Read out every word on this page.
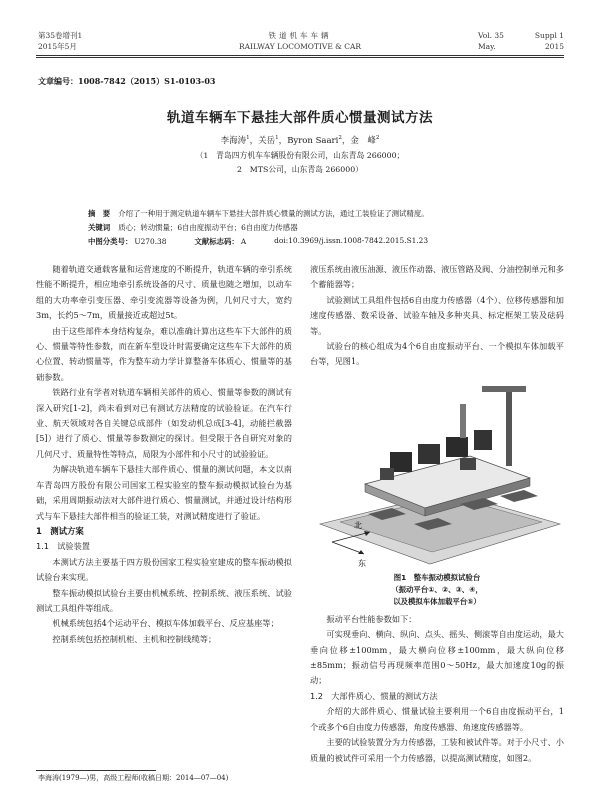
第35卷增刊1
2015年5月
铁道机车车辆
RAILWAY LOCOMOTIVE & CAR
Vol. 35	Suppl 1
May.	2015
文章编号：1008-7842（2015）S1-0103-03
轨道车辆车下悬挂大部件质心惯量测试方法
李海涛$^1$，关岳$^1$，Byron Saari$^2$，金　峰$^2$
（1　青岛四方机车车辆股份有限公司，山东青岛 266000；
2　MTS公司，山东青岛 266000）
摘　要 介绍了一种用于测定轨道车辆车下悬挂大部件质心惯量的测试方法，通过工装验证了测试精度。
关键词 质心；转动惯量；6自由度振动平台；6自由度力传感器
中图分类号： U270.38	文献标志码： A	doi:10.3969/j.issn.1008-7842.2015.S1.23

随着轨道交通载客量和运营速度的不断提升，轨道车辆的牵引系统性能不断提升，相应地牵引系统设备的尺寸、质量也随之增加，以动车组的大功率牵引变压器、牵引变流器等设备为例，几何尺寸大，宽约3m，长约5～7m，质量接近或超过5t。

由于这些部件本身结构复杂，难以准确计算出这些车下大部件的质心、惯量等特性参数，而在新车型设计时需要确定这些车下大部件的质心位置、转动惯量等，作为整车动力学计算整备车体质心、惯量等的基础参数。

铁路行业有学者对轨道车辆相关部件的质心、惯量等参数的测试有深入研究[1-2]，尚未看到对已有测试方法精度的试验验证。在汽车行业、航天领域对各自关键总成部件（如发动机总成[3-4]，动能拦截器[5]）进行了质心、惯量等参数测定的探讨。但受限于各自研究对象的几何尺寸、质量特性等特点，局限为小部件和小尺寸的试验验证。

为解决轨道车辆车下悬挂大部件质心、惯量的测试问题，本文以南车青岛四方股份有限公司国家工程实验室的整车振动模拟试验台为基础，采用周期振动法对大部件进行质心、惯量测试，并通过设计结构形式与车下悬挂大部件相当的验证工装，对测试精度进行了验证。

1　测试方案
1.1　试验装置

本测试方法主要基于四方股份国家工程实验室建成的整车振动模拟试验台来实现。

整车振动模拟试验台主要由机械系统、控制系统、液压系统、试验测试工具组件等组成。

机械系统包括4个运动平台、模拟车体加载平台、反应基座等；

控制系统包括控制机柜、主机和控制线缆等；

液压系统由液压油源、液压作动器、液压管路及阀、分油控制单元和多个蓄能器等；

试验测试工具组件包括6自由度力传感器（4个）、位移传感器和加速度传感器、数采设备、试验车轴及多种夹具、标定框架工装及砝码等。

试验台的核心组成为4个6自由度振动平台、一个模拟车体加载平台等，见图1。

北
东
图1　整车振动模拟试验台
（振动平台①、②、③、④，
以及模拟车体加载平台⑤）

振动平台性能参数如下：

可实现垂向、横向、纵向、点头、摇头、侧滚等自由度运动，最大垂向位移±100mm，最大横向位移±100mm，最大纵向位移±85mm；振动信号再现频率范围0～50Hz，最大加速度10g的振动；

1.2　大部件质心、惯量的测试方法

介绍的大部件质心、惯量试验主要利用一个6自由度振动平台，1个或多个6自由度力传感器，角度传感器、角速度传感器等。

主要的试验装置分为力传感器，工装和被试件等。对于小尺寸、小质量的被试件可采用一个力传感器，以提高测试精度，如图2。

李海涛(1979—)男，高级工程师(收稿日期：2014—07—04)
